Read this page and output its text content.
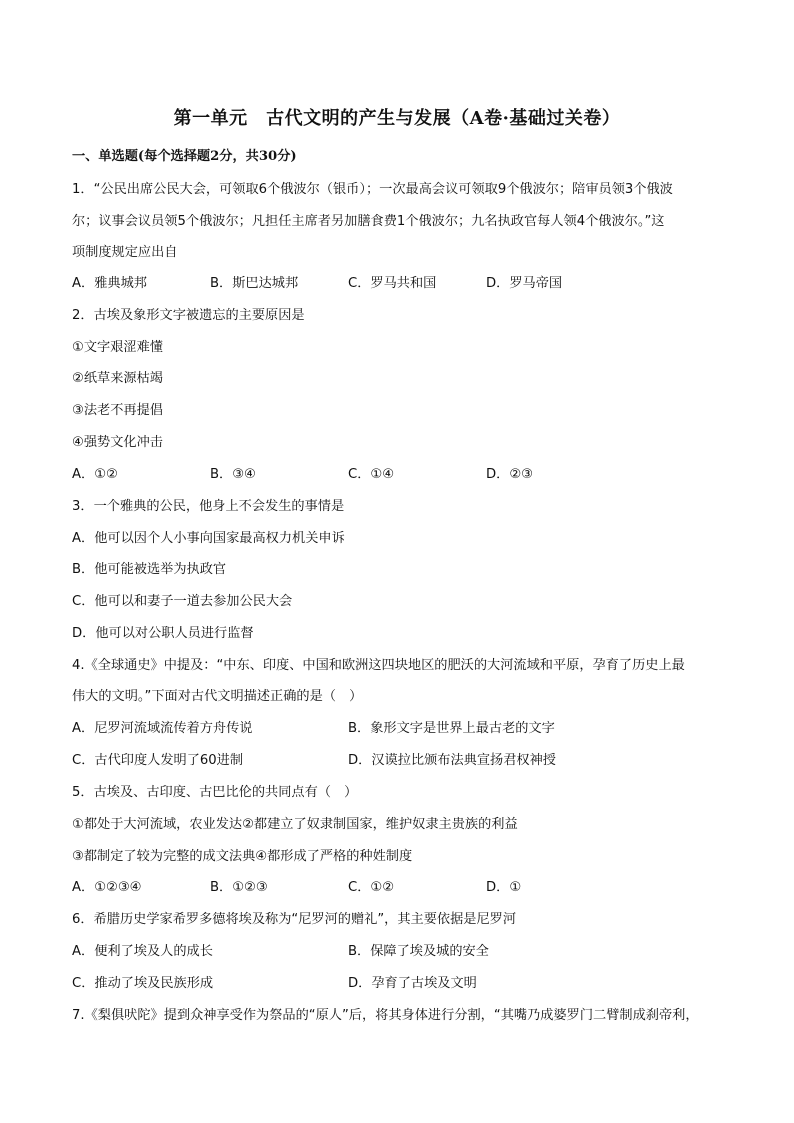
第一单元　古代文明的产生与发展（A卷·基础过关卷）
一、单选题(每个选择题2分，共30分)
1．“公民出席公民大会，可领取6个俄波尔（银币）；一次最高会议可领取9个俄波尔；陪审员领3个俄波
尔；议事会议员领5个俄波尔；凡担任主席者另加膳食费1个俄波尔；九名执政官每人领4个俄波尔。”这
项制度规定应出自
A．雅典城邦	B．斯巴达城邦	C．罗马共和国	D．罗马帝国
2．古埃及象形文字被遗忘的主要原因是
①文字艰涩难懂
②纸草来源枯竭
③法老不再提倡
④强势文化冲击
A．①②	B．③④	C．①④	D．②③
3．一个雅典的公民，他身上不会发生的事情是
A．他可以因个人小事向国家最高权力机关申诉
B．他可能被选举为执政官
C．他可以和妻子一道去参加公民大会
D．他可以对公职人员进行监督
4.《全球通史》中提及：“中东、印度、中国和欧洲这四块地区的肥沃的大河流域和平原，孕育了历史上最
伟大的文明。”下面对古代文明描述正确的是（　）
A．尼罗河流域流传着方舟传说	B．象形文字是世界上最古老的文字
C．古代印度人发明了60进制	D．汉谟拉比颁布法典宣扬君权神授
5．古埃及、古印度、古巴比伦的共同点有（　）
①都处于大河流域，农业发达②都建立了奴隶制国家，维护奴隶主贵族的利益
③都制定了较为完整的成文法典④都形成了严格的种姓制度
A．①②③④	B．①②③	C．①②	D．①
6．希腊历史学家希罗多德将埃及称为“尼罗河的赠礼”，其主要依据是尼罗河
A．便利了埃及人的成长	B．保障了埃及城的安全
C．推动了埃及民族形成	D．孕育了古埃及文明
7.《梨俱吠陀》提到众神享受作为祭品的“原人”后，将其身体进行分割，“其嘴乃成婆罗门二臂制成刹帝利，
